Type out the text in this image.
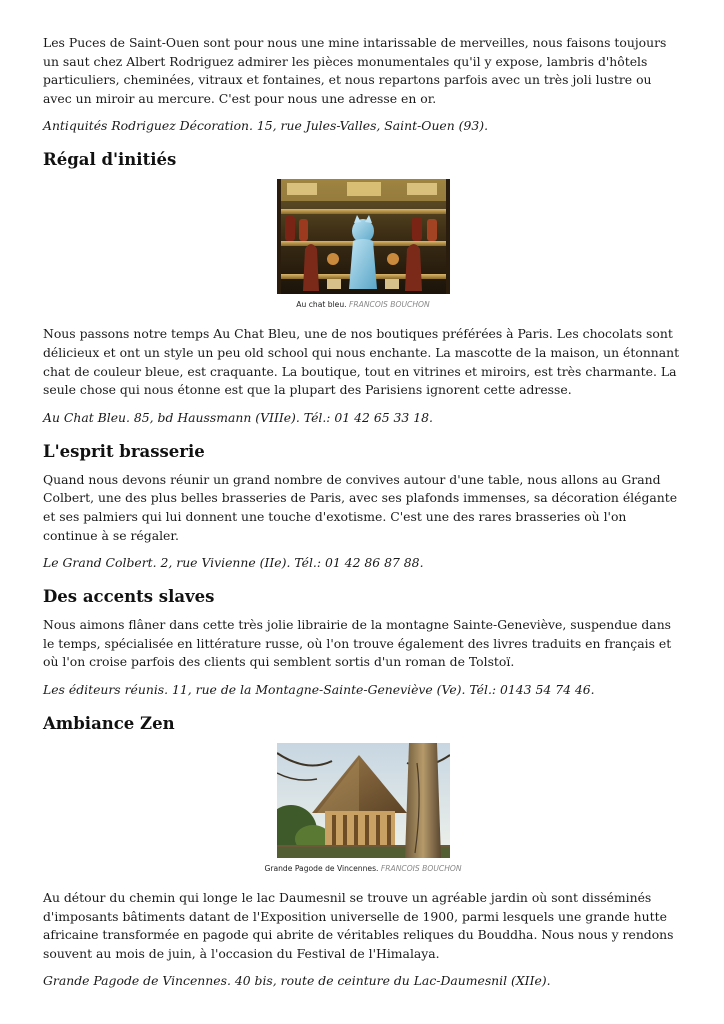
Les Puces de Saint-Ouen sont pour nous une mine intarissable de merveilles, nous faisons toujours un saut chez Albert Rodriguez admirer les pièces monumentales qu'il y expose, lambris d'hôtels particuliers, cheminées, vitraux et fontaines, et nous repartons parfois avec un très joli lustre ou avec un miroir au mercure. C'est pour nous une adresse en or.

Antiquités Rodriguez Décoration. 15, rue Jules-Valles, Saint-Ouen (93).

Régal d'initiés
Au chat bleu. FRANCOIS BOUCHON

Nous passons notre temps Au Chat Bleu, une de nos boutiques préférées à Paris. Les chocolats sont délicieux et ont un style un peu old school qui nous enchante. La mascotte de la maison, un étonnant chat de couleur bleue, est craquante. La boutique, tout en vitrines et miroirs, est très charmante. La seule chose qui nous étonne est que la plupart des Parisiens ignorent cette adresse.

Au Chat Bleu. 85, bd Haussmann (VIIIe). Tél.: 01 42 65 33 18.

L'esprit brasserie

Quand nous devons réunir un grand nombre de convives autour d'une table, nous allons au Grand Colbert, une des plus belles brasseries de Paris, avec ses plafonds immenses, sa décoration élégante et ses palmiers qui lui donnent une touche d'exotisme. C'est une des rares brasseries où l'on continue à se régaler.

Le Grand Colbert. 2, rue Vivienne (IIe). Tél.: 01 42 86 87 88.

Des accents slaves

Nous aimons flâner dans cette très jolie librairie de la montagne Sainte-Geneviève, suspendue dans le temps, spécialisée en littérature russe, où l'on trouve également des livres traduits en français et où l'on croise parfois des clients qui semblent sortis d'un roman de Tolstoï.

Les éditeurs réunis. 11, rue de la Montagne-Sainte-Geneviève (Ve). Tél.: 0143 54 74 46.

Ambiance Zen
Grande Pagode de Vincennes. FRANCOIS BOUCHON

Au détour du chemin qui longe le lac Daumesnil se trouve un agréable jardin où sont disséminés d'imposants bâtiments datant de l'Exposition universelle de 1900, parmi lesquels une grande hutte africaine transformée en pagode qui abrite de véritables reliques du Bouddha. Nous nous y rendons souvent au mois de juin, à l'occasion du Festival de l'Himalaya.

Grande Pagode de Vincennes. 40 bis, route de ceinture du Lac-Daumesnil (XIIe).
